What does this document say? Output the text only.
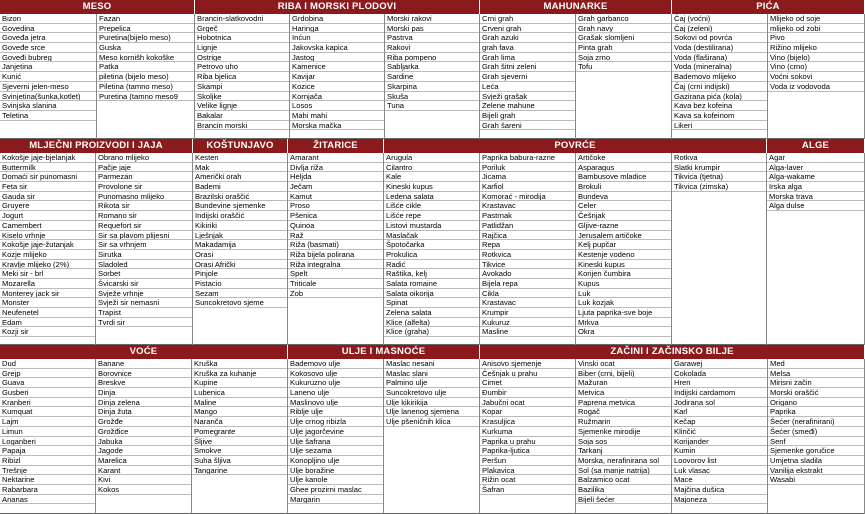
MESO
Bizon
Govedina
Goveđa jetra
Goveđe srce
Goveđi bubreg
Janjetina
Kunić
Sjeverni jelen-meso
Svinjetina(šunka,kotlet)
Svinjska slanina
Teletina
Fazan
Prepelica
Puretina(bijelo meso)
Guska
Meso kornišh kokoške
Patka
piletina (bijelo meso)
Piletina (tamno meso)
Puretina (tamno meso9
RIBA I MORSKI PLODOVI
Brancin-slatkovodni
Grgeč
Hobotnica
Lignje
Ostrige
Petrovo uho
Riba bjelica
Skampi
Skoljke
Velike lignje
Bakalar
Brancin morski
Grdobina
Haringa
Inćun
Jakovska kapica
Jastog
Kamenice
Kavijar
Kozice
Kornjača
Losos
Mahi mahi
Morska mačka
Morski rakovi
Morski pas
Pastrva
Rakovi
Riba pompeno
Sabljarka
Sardine
Skarpina
Skuša
Tuna
MAHUNARKE
Crni grah
Crveni grah
Grah azuki
grah fava
Grah lima
Grah šitni zeleni
Grah sjeverni
Leća
Svježi grašak
Zelene mahune
Bijeli grah
Grah šareni
Grah garbanco
Grah navy
Grašak slomljeni
Pinta grah
Soja zrno
Tofu
PIĆA
Čaj (voćni)
Čaj (zeleni)
Sokovi od povrća
Voda (destilirana)
Voda (flaširana)
Voda (mineralna)
Bademovo mlijeko
Čaj (crni indijski)
Gazirana pića (kola)
Kava bez kofeina
Kava sa kofeinom
Likeri
Mlijeko od soje
mlijeko od zobi
Pivo
Rižino mlijeko
Vino (bijelo)
Vino (crno)
Voćni sokovi
Voda iz vodovoda
MLJEČNI PROIZVODI I JAJA
Kokošje jaje-bjelanjak
Buttermilk
Domaći sir punomasni
Feta sir
Gauda sir
Gruyere
Jogurt
Camembert
Kiselo vrhnje
Kokošje jaje-žutanjak
Kozje mlijeko
Kravlje mlijeko (2%)
Meki sir - brl
Mozarella
Monterey jack sir
Monster
Neufenetel
Edam
Kozji sir
Obrano mlijeko
Pačje jaje
Parmezan
Provolone sir
Punomasno mlijeko
Rikota sir
Romano sir
Requefort sir
Sir sa plavom plijesni
Sir sa vrhnjem
Sirutka
Sladoled
Sorbet
Švicarski sir
Svježe vrhnje
Svježi sir nemasni
Trapist
Tvrdi sir
KOŠTUNJAVO VOĆE
Kesten
Mak
Američki orah
Bademi
Brazilski oraščić
Bundevine sjemenke
Indijski oraščić
Kikiriki
Lješnjak
Makadamija
Orasi
Orasi Afrički
Pinjole
Pistacio
Sezam
Suncokretovo sjeme
ŽITARICE
Amarant
Divlja riža
Heljda
Ječam
Kamut
Proso
Pšenica
Quinoa
Raž
Riža (basmati)
Riža bijela polirana
Riža integralna
Spelt
Triticale
Zob
POVRĆE
Arugula
Cilantro
Kale
Kineski kupus
Ledena salata
Lišće cikle
Lišće repe
Listovi mustarda
Maslačak
Špotočarka
Prokulica
Radić
Raštika, kelj
Salata romaine
Salata oikorija
Spinat
Zelena salata
Klice (alfelta)
Klice (graha)
Paprika babura-razne
Poriluk
Jicama
Karfiol
Komorać - mirodija
Krastavac
Pastrnak
Patlidžan
Rajčica
Repa
Rotkvica
Tikvice
Avokado
Bijela repa
Cikla
Krastavac
Krumpir
Kukuruz
Masline
Artičoke
Asparagus
Bambusove mladice
Brokuli
Bundeva
Celer
Češnjak
Gljive-razne
Jerusalem artičoke
Kelj pupčar
Kestenje vodeno
Kineski kupus
Korijen čumbira
Kupus
Luk
Luk kozjak
Ljuta paprika-sve boje
Mrkva
Okra
Rotkva
Slatki krumpir
Tikvica (tjetna)
Tikvica (zimska)
ALGE
Agar
Alga-laver
Alga-wakame
Irska alga
Morska trava
Alga dulse
VOĆE
Dud
Grejp
Guava
Gusberi
Kranberi
Kumquat
Lajm
Limun
Loganberi
Papaja
Ribizl
Trešnje
Nektarine
Rabarbara
Ananas
Banane
Borovnice
Breskve
Dinja
Dinja zelena
Dinja žuta
Grožđe
Grožđice
Jabuka
Jagode
Marelica
Karant
Kivi
Kokos
Kruška
Kruška za kuhanje
Kupine
Lubenica
Maline
Mango
Naranča
Pomegrante
Šljive
Smokve
Suha šljiva
Tangarine
ULJE I MASNOĆE
Bademovo ulje
Kokosovo ulje
Kukuruzno ulje
Laneno ulje
Maslinovo ulje
Riblje ulje
Ulje crnog ribizla
Ulje jagorčevine
Ulje šafrana
Ulje sezama
Konopljino ulje
Ulje boražine
Ulje kanole
Ghee prozirni maslac
Margarin
Maslac nesani
Maslac slani
Palmino ulje
Suncokretovo ulje
Ulje kikirikija
Ulje lanenog sjemena
Ulje pšeničnih klica
ZAČINI I ZAČINSKO BILJE
Anisovo sjemenje
Češnjak u prahu
Cimet
Đumbir
Jabučni ocat
Kopar
Krasuljica
Kurkuma
Paprika u prahu
Paprika-ljutica
Peršun
Plakavica
Rižin ocat
Šafran
Vinski ocat
Biber (crni, bijeli)
Mažuran
Metvica
Paprena metvica
Rogač
Ružmarin
Sjemenke mirodije
Soja sos
Tarkanj
Morska, nerafinirana sol
Sol (sa manje natrija)
Balzamico ocat
Bazilika
Bijeli šećer
Garawej
Cokolada
Hren
Indijski cardamom
Jodirana sol
Karl
Kečap
Klinčić
Korijander
Kumin
Loovorov list
Luk vlasac
Mace
Majčina dušica
Majoneza
Med
Melsa
Mirisni začin
Morski oraščić
Origano
Paprika
Šećer (nerafinirani)
Šećer (smeđi)
Senf
Sjemenke goručice
Umjetna sladila
Vanilija ekstrakt
Wasabi
